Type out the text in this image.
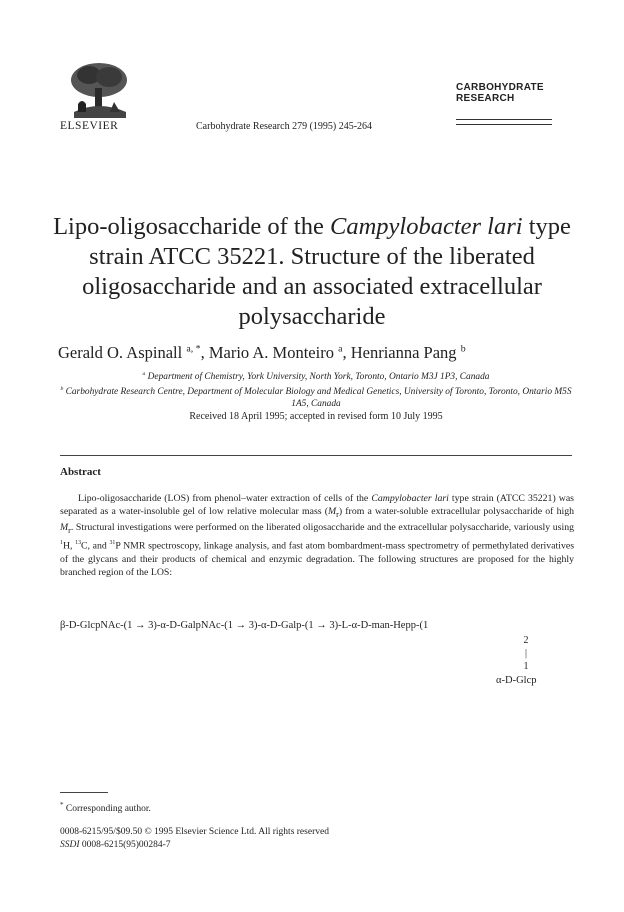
ELSEVIER	Carbohydrate Research 279 (1995) 245-264
CARBOHYDRATE
RESEARCH
Lipo-oligosaccharide of the Campylobacter lari type strain ATCC 35221. Structure of the liberated oligosaccharide and an associated extracellular polysaccharide
Gerald O. Aspinall $^{a, *}$, Mario A. Monteiro $^a$, Henrianna Pang $^b$
$^a$ Department of Chemistry, York University, North York, Toronto, Ontario M3J 1P3, Canada
$^b$ Carbohydrate Research Centre, Department of Molecular Biology and Medical Genetics, University of Toronto, Toronto, Ontario M5S 1A5, Canada
Received 18 April 1995; accepted in revised form 10 July 1995
Abstract
Lipo-oligosaccharide (LOS) from phenol–water extraction of cells of the Campylobacter lari type strain (ATCC 35221) was separated as a water-insoluble gel of low relative molecular mass $(M_r)$ from a water-soluble extracellular polysaccharide of high $M_r$. Structural investigations were performed on the liberated oligosaccharide and the extracellular polysaccharide, variously using $^1$H, $^{13}$C, and $^{31}$P NMR spectroscopy, linkage analysis, and fast atom bombardment-mass spectrometry of permethylated derivatives of the glycans and their products of chemical and enzymic degradation. The following structures are proposed for the highly branched region of the LOS:
β-D-GlcpNAc-(1 → 3)-α-D-GalpNAc-(1 → 3)-α-D-Galp-(1 → 3)-L-α-D-man-Hepp-(1
2
|
1
α-D-Glcp
* Corresponding author.
0008-6215/95/$09.50 © 1995 Elsevier Science Ltd. All rights reserved
SSDI 0008-6215(95)00284-7
